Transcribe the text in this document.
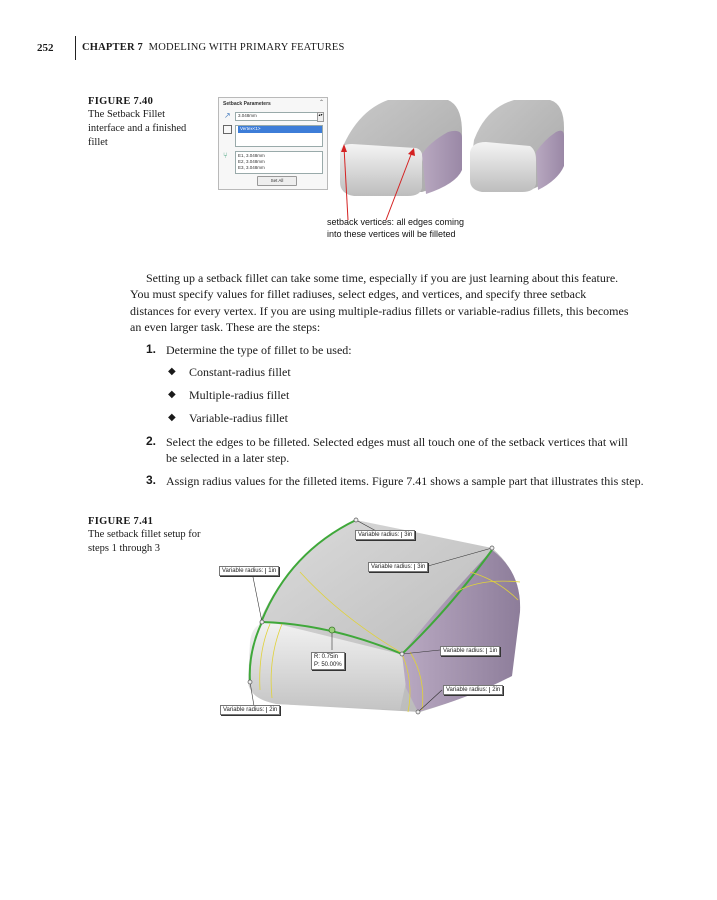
252	CHAPTER 7 MODELING WITH PRIMARY FEATURES
FIGURE 7.40
The Setback Fillet interface and a finished fillet
Setback Parameters	⌃
↗	3.048mm	▴▾
Vertex<1>
⑂ E1, 3.048mm
E2, 3.048mm
E3, 3.048mm
Set All
setback vertices: all edges coming into these vertices will be filleted
Setting up a setback fillet can take some time, especially if you are just learning about this feature. You must specify values for fillet radiuses, select edges, and vertices, and specify three setback distances for every vertex. If you are using multiple-radius fillets or variable-radius fillets, this becomes an even larger task. These are the steps:
1. Determine the type of fillet to be used:
◆ Constant-radius fillet
◆ Multiple-radius fillet
◆ Variable-radius fillet
2. Select the edges to be filleted. Selected edges must all touch one of the setback vertices that will be selected in a later step.
3. Assign radius values for the filleted items. Figure 7.41 shows a sample part that illustrates this step.
FIGURE 7.41
The setback fillet setup for steps 1 through 3
Variable radius: 3in
Variable radius: 3in
Variable radius: 1in
Variable radius: 1in
Variable radius: 2in
Variable radius: 2in
R: 0.75in
P: 50.00%
